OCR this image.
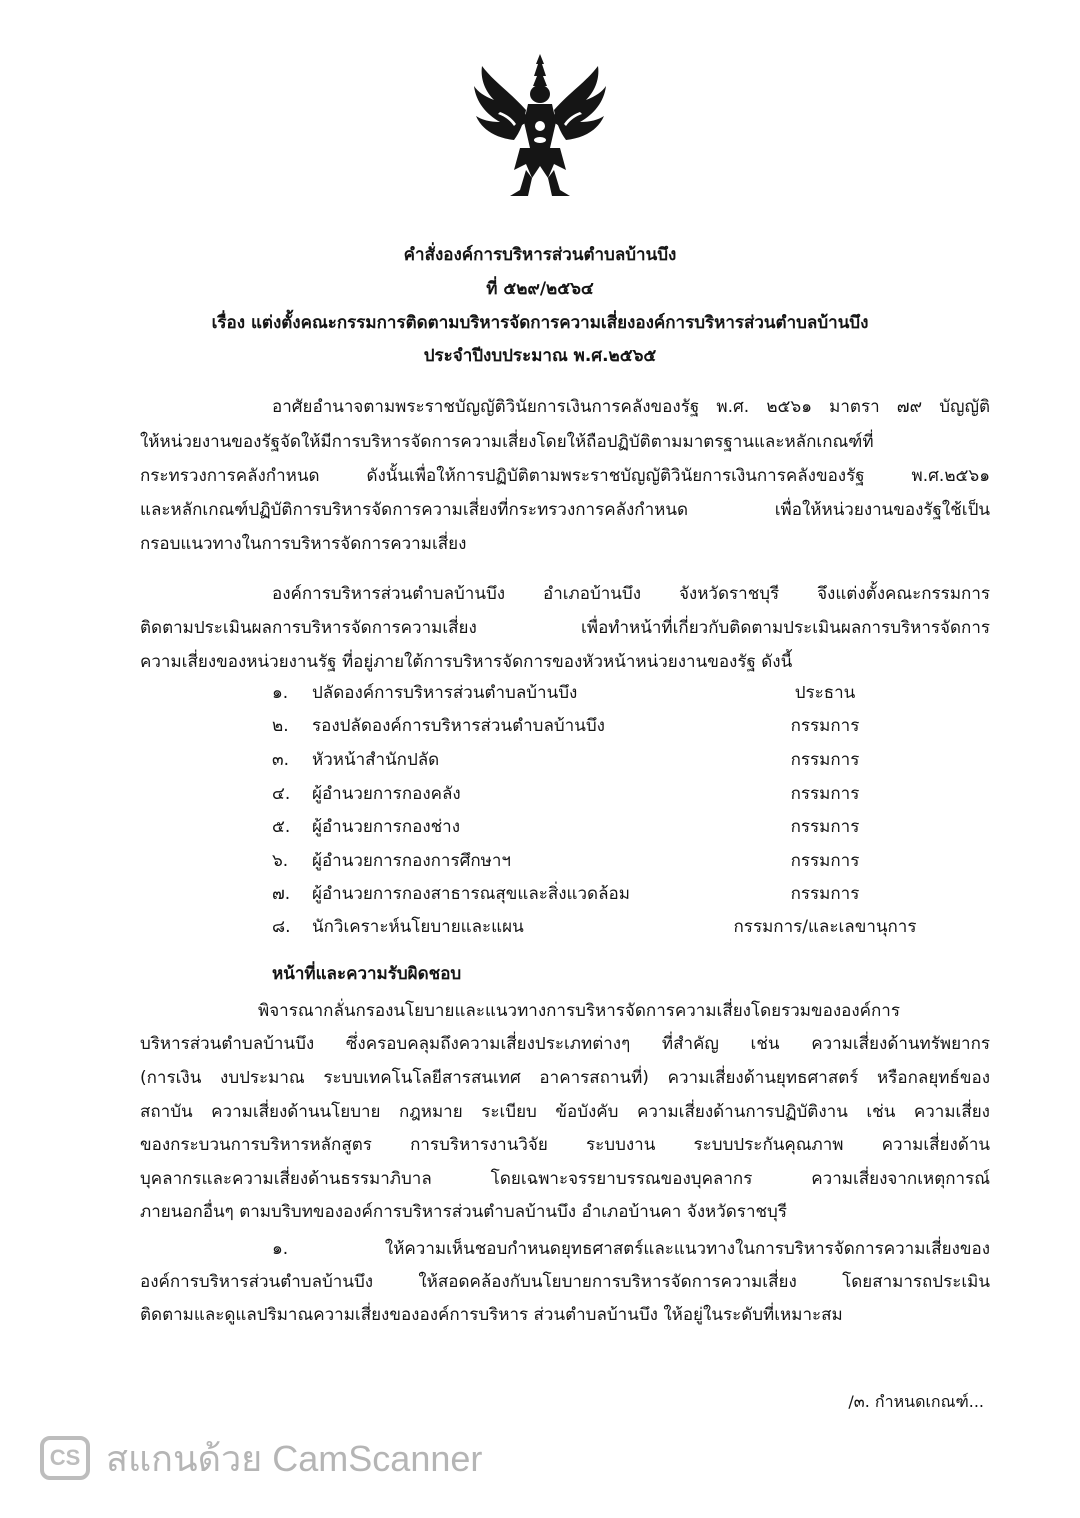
คำสั่งองค์การบริหารส่วนตำบลบ้านบึง
ที่ ๕๒๙/๒๕๖๔
เรื่อง แต่งตั้งคณะกรรมการติดตามบริหารจัดการความเสี่ยงองค์การบริหารส่วนตำบลบ้านบึง
ประจำปีงบประมาณ พ.ศ.๒๕๖๕
อาศัยอำนาจตามพระราชบัญญัติวินัยการเงินการคลังของรัฐ พ.ศ. ๒๕๖๑ มาตรา ๗๙ บัญญัติ
ให้หน่วยงานของรัฐจัดให้มีการบริหารจัดการความเสี่ยงโดยให้ถือปฏิบัติตามมาตรฐานและหลักเกณฑ์ที่
กระทรวงการคลังกำหนด ดังนั้นเพื่อให้การปฏิบัติตามพระราชบัญญัติวินัยการเงินการคลังของรัฐ พ.ศ.๒๕๖๑
และหลักเกณฑ์ปฏิบัติการบริหารจัดการความเสี่ยงที่กระทรวงการคลังกำหนด เพื่อให้หน่วยงานของรัฐใช้เป็น
กรอบแนวทางในการบริหารจัดการความเสี่ยง
องค์การบริหารส่วนตำบลบ้านบึง อำเภอบ้านบึง จังหวัดราชบุรี จึงแต่งตั้งคณะกรรมการ
ติดตามประเมินผลการบริหารจัดการความเสี่ยง เพื่อทำหน้าที่เกี่ยวกับติดตามประเมินผลการบริหารจัดการ
ความเสี่ยงของหน่วยงานรัฐ ที่อยู่ภายใต้การบริหารจัดการของหัวหน้าหน่วยงานของรัฐ ดังนี้
๑. ปลัดองค์การบริหารส่วนตำบลบ้านบึง	ประธาน
๒. รองปลัดองค์การบริหารส่วนตำบลบ้านบึง	กรรมการ
๓. หัวหน้าสำนักปลัด	กรรมการ
๔. ผู้อำนวยการกองคลัง	กรรมการ
๕. ผู้อำนวยการกองช่าง	กรรมการ
๖. ผู้อำนวยการกองการศึกษาฯ	กรรมการ
๗. ผู้อำนวยการกองสาธารณสุขและสิ่งแวดล้อม	กรรมการ
๘. นักวิเคราะห์นโยบายและแผน	กรรมการ/และเลขานุการ
หน้าที่และความรับผิดชอบ
พิจารณากลั่นกรองนโยบายและแนวทางการบริหารจัดการความเสี่ยงโดยรวมขององค์การ
บริหารส่วนตำบลบ้านบึง ซึ่งครอบคลุมถึงความเสี่ยงประเภทต่างๆ ที่สำคัญ เช่น ความเสี่ยงด้านทรัพยากร
(การเงิน งบประมาณ ระบบเทคโนโลยีสารสนเทศ อาคารสถานที่) ความเสี่ยงด้านยุทธศาสตร์ หรือกลยุทธ์ของ
สถาบัน ความเสี่ยงด้านนโยบาย กฎหมาย ระเบียบ ข้อบังคับ ความเสี่ยงด้านการปฏิบัติงาน เช่น ความเสี่ยง
ของกระบวนการบริหารหลักสูตร การบริหารงานวิจัย ระบบงาน ระบบประกันคุณภาพ ความเสี่ยงด้าน
บุคลากรและความเสี่ยงด้านธรรมาภิบาล โดยเฉพาะจรรยาบรรณของบุคลากร ความเสี่ยงจากเหตุการณ์
ภายนอกอื่นๆ ตามบริบทขององค์การบริหารส่วนตำบลบ้านบึง อำเภอบ้านคา จังหวัดราชบุรี
๑. ให้ความเห็นชอบกำหนดยุทธศาสตร์และแนวทางในการบริหารจัดการความเสี่ยงของ
องค์การบริหารส่วนตำบลบ้านบึง ให้สอดคล้องกับนโยบายการบริหารจัดการความเสี่ยง โดยสามารถประเมิน
ติดตามและดูแลปริมาณความเสี่ยงขององค์การบริหาร ส่วนตำบลบ้านบึง ให้อยู่ในระดับที่เหมาะสม
/๓. กำหนดเกณฑ์...
CS สแกนด้วย CamScanner
